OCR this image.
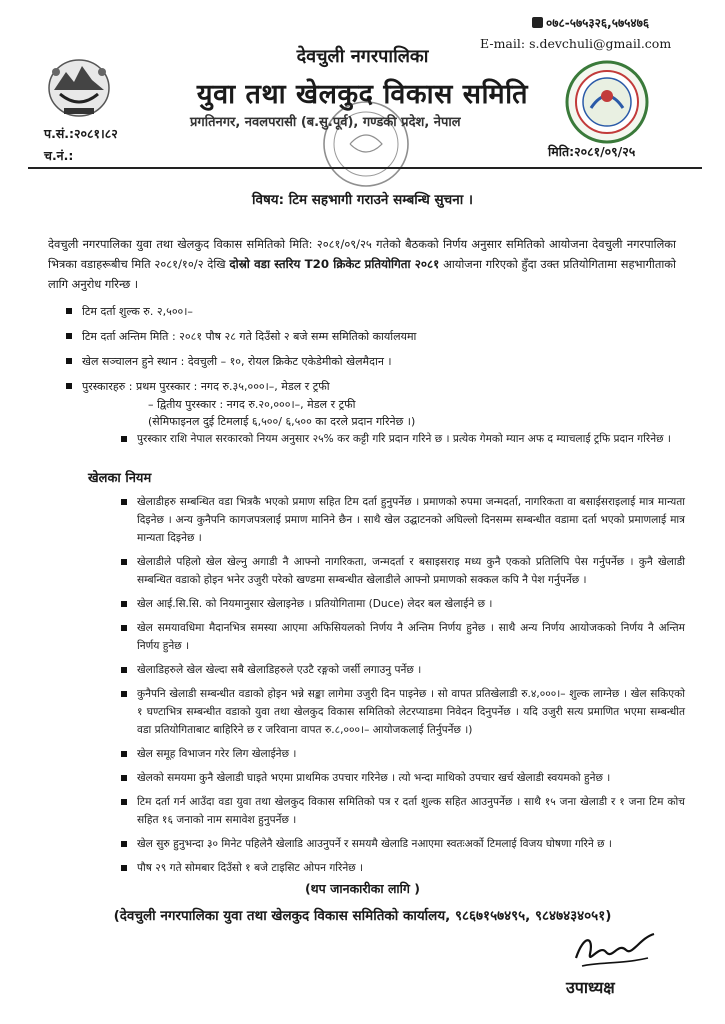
०७८-५७५३२६,५७५४७६
E-mail: s.devchuli@gmail.com
देवचुली नगरपालिका
युवा तथा खेलकुद विकास समिति
प्रगतिनगर, नवलपरासी (ब.सु.पूर्व), गण्डकी प्रदेश, नेपाल
प.सं.:२०८१।८२
च.नं.:	मिति:२०८१/०९/२५
विषय: टिम सहभागी गराउने सम्बन्धि सुचना ।
देवचुली नगरपालिका युवा तथा खेलकुद विकास समितिको मिति: २०८१/०९/२५ गतेको बैठकको निर्णय अनुसार समितिको आयोजना देवचुली नगरपालिका भित्रका वडाहरूबीच मिति २०८१/१०/२ देखि दोस्रो वडा स्तरिय T20 क्रिकेट प्रतियोगिता २०८१ आयोजना गरिएको हुँदा उक्त प्रतियोगितामा सहभागीताको लागि अनुरोध गरिन्छ ।
टिम दर्ता शुल्क रु. २,५००।–
टिम दर्ता अन्तिम मिति : २०८१ पौष २८ गते दिउँसो २ बजे सम्म समितिको कार्यालयमा
खेल सञ्चालन हुने स्थान : देवचुली – १०, रोयल क्रिकेट एकेडेमीको खेलमैदान ।
पुरस्कारहरु : प्रथम पुरस्कार : नगद रु.३५,०००।–, मेडल र ट्रफी
– द्वितीय पुरस्कार : नगद रु.२०,०००।–, मेडल र ट्रफी
(सेमिफाइनल दुई टिमलाई ६,५००/ ६,५०० का दरले प्रदान गरिनेछ ।)
पुरस्कार राशि नेपाल सरकारको नियम अनुसार २५% कर कट्टी गरि प्रदान गरिने छ । प्रत्येक गेमको म्यान अफ द म्याचलाई ट्रफि प्रदान गरिनेछ ।
खेलका नियम
खेलाडीहरु सम्बन्धित वडा भित्रकै भएको प्रमाण सहित टिम दर्ता हुनुपर्नेछ । प्रमाणको रुपमा जन्मदर्ता, नागरिकता वा बसाईसराइलाई मात्र मान्यता दिइनेछ । अन्य कुनैपनि कागजपत्रलाई प्रमाण मानिने छैन । साथै खेल उद्घाटनको अघिल्लो दिनसम्म सम्बन्धीत वडामा दर्ता भएको प्रमाणलाई मात्र मान्यता दिइनेछ ।
खेलाडीले पहिलो खेल खेल्नु अगाडी नै आफ्नो नागरिकता, जन्मदर्ता र बसाइसराइ मध्य कुनै एकको प्रतिलिपि पेस गर्नुपर्नेछ । कुनै खेलाडी सम्बन्धित वडाको होइन भनेर उजुरी परेको खण्डमा सम्बन्धीत खेलाडीले आफ्नो प्रमाणको सक्कल कपि नै पेश गर्नुपर्नेछ ।
खेल आई.सि.सि. को नियमानुसार खेलाइनेछ । प्रतियोगितामा (Duce) लेदर बल खेलाईने छ ।
खेल समयावधिमा मैदानभित्र समस्या आएमा अफिसियलको निर्णय नै अन्तिम निर्णय हुनेछ । साथै अन्य निर्णय आयोजकको निर्णय नै अन्तिम निर्णय हुनेछ ।
खेलाडिहरुले खेल खेल्दा सबै खेलाडिहरुले एउटै रङ्गको जर्सी लगाउनु पर्नेछ ।
कुनैपनि खेलाडी सम्बन्धीत वडाको होइन भन्ने सङ्का लागेमा उजुरी दिन पाइनेछ । सो वापत प्रतिखेलाडी रु.४,०००।– शुल्क लाग्नेछ । खेल सकिएको १ घण्टाभित्र सम्बन्धीत वडाको युवा तथा खेलकुद विकास समितिको लेटरप्याडमा निवेदन दिनुपर्नेछ । यदि उजुरी सत्य प्रमाणित भएमा सम्बन्धीत वडा प्रतियोगिताबाट बाहिरिने छ र जरिवाना वापत रु.८,०००।– आयोजकलाई तिर्नुपर्नेछ ।)
खेल समूह विभाजन गरेर लिग खेलाईनेछ ।
खेलको समयमा कुनै खेलाडी घाइते भएमा प्राथमिक उपचार गरिनेछ । त्यो भन्दा माथिको उपचार खर्च खेलाडी स्वयमको हुनेछ ।
टिम दर्ता गर्न आउँदा वडा युवा तथा खेलकुद विकास समितिको पत्र र दर्ता शुल्क सहित आउनुपर्नेछ । साथै १५ जना खेलाडी र १ जना टिम कोच सहित १६ जनाको नाम समावेश हुनुपर्नेछ ।
खेल सुरु हुनुभन्दा ३० मिनेट पहिलेनै खेलाडि आउनुपर्ने र समयमै खेलाडि नआएमा स्वतःअर्को टिमलाई विजय घोषणा गरिने छ ।
पौष २९ गते सोमबार दिउँसो १ बजे टाइसिट ओपन गरिनेछ ।
(थप जानकारीका लागि )
(देवचुली नगरपालिका युवा तथा खेलकुद विकास समितिको कार्यालय, ९८६७१५७४९५, ९८४७४३४०५१)
उपाध्यक्ष
